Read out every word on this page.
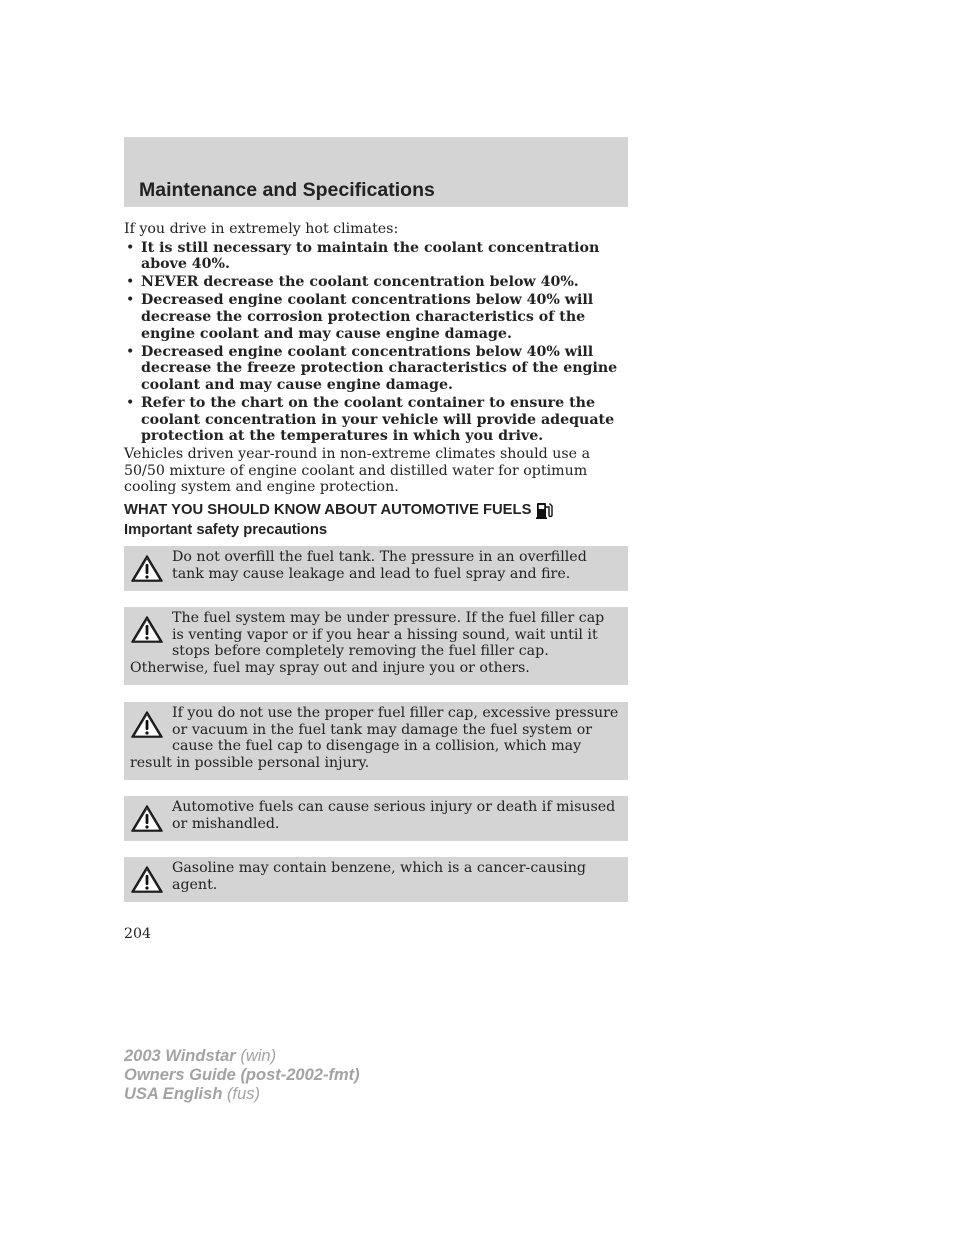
Maintenance and Specifications

If you drive in extremely hot climates:

• It is still necessary to maintain the coolant concentration above 40%.
• NEVER decrease the coolant concentration below 40%.
• Decreased engine coolant concentrations below 40% will decrease the corrosion protection characteristics of the engine coolant and may cause engine damage.
• Decreased engine coolant concentrations below 40% will decrease the freeze protection characteristics of the engine coolant and may cause engine damage.
• Refer to the chart on the coolant container to ensure the coolant concentration in your vehicle will provide adequate protection at the temperatures in which you drive.

Vehicles driven year-round in non-extreme climates should use a 50/50 mixture of engine coolant and distilled water for optimum cooling system and engine protection.

WHAT YOU SHOULD KNOW ABOUT AUTOMOTIVE FUELS

Important safety precautions

Do not overfill the fuel tank. The pressure in an overfilled tank may cause leakage and lead to fuel spray and fire.
The fuel system may be under pressure. If the fuel filler cap is venting vapor or if you hear a hissing sound, wait until it stops before completely removing the fuel filler cap. Otherwise, fuel may spray out and injure you or others.
If you do not use the proper fuel filler cap, excessive pressure or vacuum in the fuel tank may damage the fuel system or cause the fuel cap to disengage in a collision, which may result in possible personal injury.
Automotive fuels can cause serious injury or death if misused or mishandled.
Gasoline may contain benzene, which is a cancer-causing agent.
204
2003 Windstar (win)
Owners Guide (post-2002-fmt)
USA English (fus)
